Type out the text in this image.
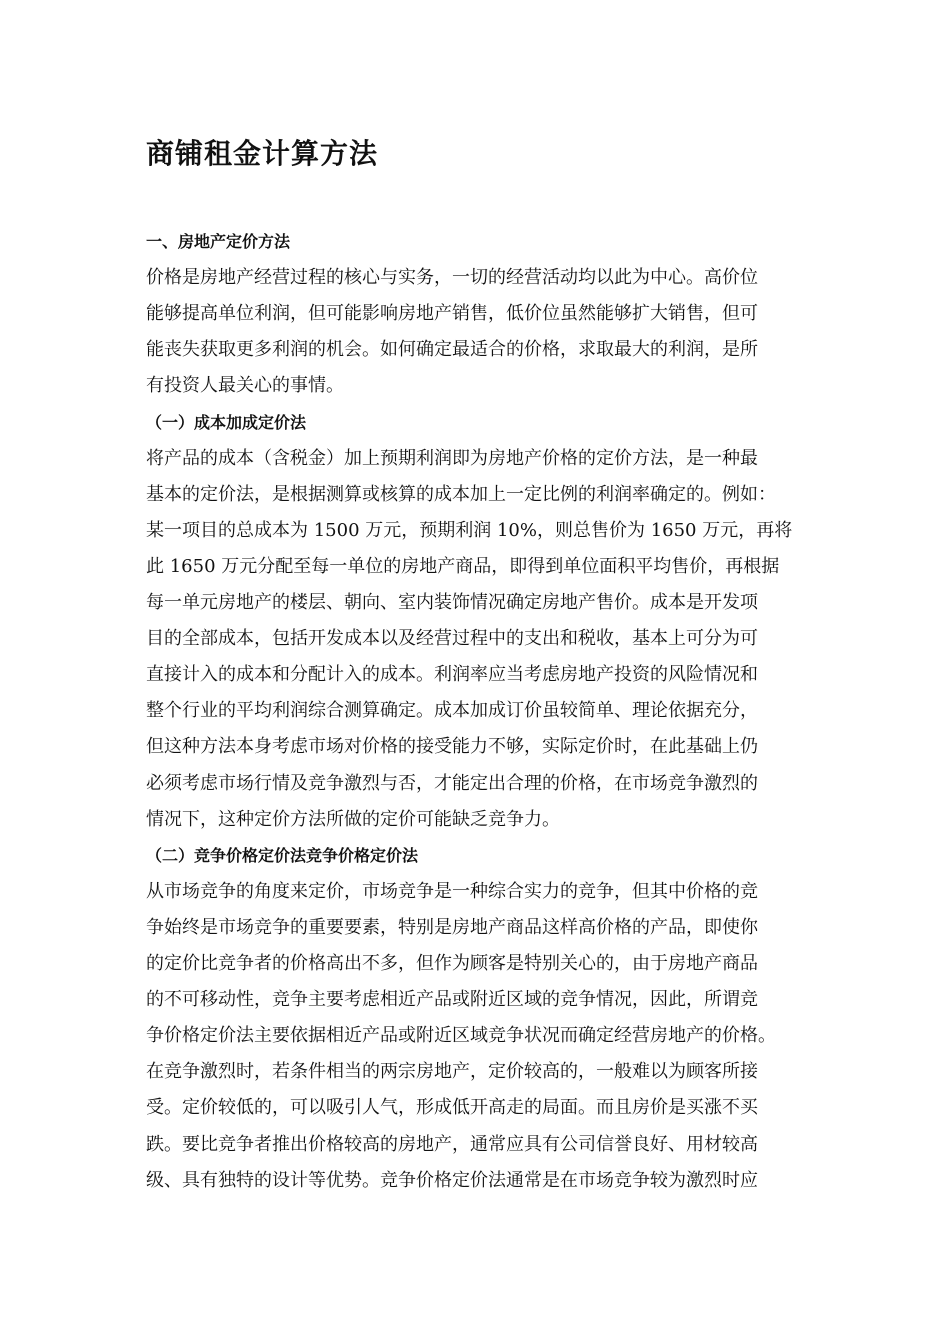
商铺租金计算方法

一、房地产定价方法

价格是房地产经营过程的核心与实务，一切的经营活动均以此为中心。高价位

能够提高单位利润，但可能影响房地产销售，低价位虽然能够扩大销售，但可

能丧失获取更多利润的机会。如何确定最适合的价格，求取最大的利润，是所

有投资人最关心的事情。

（一）成本加成定价法

将产品的成本（含税金）加上预期利润即为房地产价格的定价方法，是一种最

基本的定价法，是根据测算或核算的成本加上一定比例的利润率确定的。例如：

某一项目的总成本为 1500 万元，预期利润 10%，则总售价为 1650 万元，再将

此 1650 万元分配至每一单位的房地产商品，即得到单位面积平均售价，再根据

每一单元房地产的楼层、朝向、室内装饰情况确定房地产售价。成本是开发项

目的全部成本，包括开发成本以及经营过程中的支出和税收，基本上可分为可

直接计入的成本和分配计入的成本。利润率应当考虑房地产投资的风险情况和

整个行业的平均利润综合测算确定。成本加成订价虽较简单、理论依据充分，

但这种方法本身考虑市场对价格的接受能力不够，实际定价时，在此基础上仍

必须考虑市场行情及竞争激烈与否，才能定出合理的价格，在市场竞争激烈的

情况下，这种定价方法所做的定价可能缺乏竞争力。

（二）竞争价格定价法竞争价格定价法

从市场竞争的角度来定价，市场竞争是一种综合实力的竞争，但其中价格的竞

争始终是市场竞争的重要要素，特别是房地产商品这样高价格的产品，即使你

的定价比竞争者的价格高出不多，但作为顾客是特别关心的，由于房地产商品

的不可移动性，竞争主要考虑相近产品或附近区域的竞争情况，因此，所谓竞

争价格定价法主要依据相近产品或附近区域竞争状况而确定经营房地产的价格。

在竞争激烈时，若条件相当的两宗房地产，定价较高的，一般难以为顾客所接

受。定价较低的，可以吸引人气，形成低开高走的局面。而且房价是买涨不买

跌。要比竞争者推出价格较高的房地产，通常应具有公司信誉良好、用材较高

级、具有独特的设计等优势。竞争价格定价法通常是在市场竞争较为激烈时应
